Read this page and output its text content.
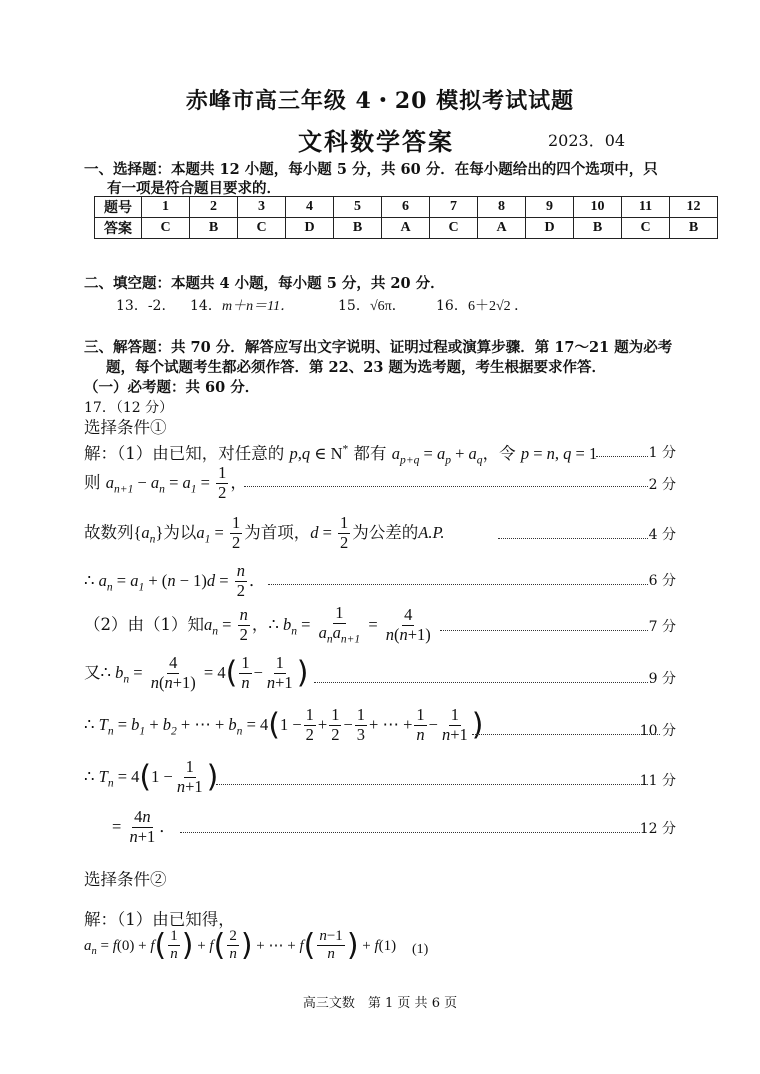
赤峰市高三年级 4・20 模拟考试试题
文科数学答案	2023．04
一、选择题：本题共 12 小题，每小题 5 分，共 60 分．在每小题给出的四个选项中，只
有一项是符合题目要求的．
题号	1	2	3	4	5	6	7	8	9	10	11	12
答案	C	B	C	D	B	A	C	A	D	B	C	B
二、填空题：本题共 4 小题，每小题 5 分，共 20 分．
13．-2. 14． m＋n＝11．	15． √6π． 16． 6＋2√2 ．
三、解答题：共 70 分．解答应写出文字说明、证明过程或演算步骤．第 17～21 题为必考
题，每个试题考生都必须作答．第 22、23 题为选考题，考生根据要求作答．
（一）必考题：共 60 分．
17．（12 分）
选择条件①
解：（1）由已知，对任意的 p,q ∈ N* 都有 $a_{p+q} = a_p + a_q$，令 p = n, q = 1	1 分
则 $a_{n+1} - a_n = a_1 = \frac{1}{2}$ ，	2 分
故数列$\{a_n\}$为以$a_1 = \frac{1}{2}$ 为首项，$d = \frac{1}{2}$ 为公差的A.P.	4 分
∴ $a_n = a_1 + (n - 1)d = \frac{n}{2}$ ．	6 分
（2）由（1）知$a_n = \frac{n}{2}$ ，∴ $b_n = \frac{1}{a_na_{n+1}} = \frac{4}{n(n+1)}$	7 分
又∴ $b_n = \frac{4}{n(n+1)} = 4( \frac{1}{n} - \frac{1}{n+1}$ )	9 分
∴ $T_n = b_1 + b_2$ + ⋯ + $b_n = 4(1 - \frac{1}{2} + \frac{1}{2} - \frac{1}{3}$ + ⋯ + $\frac{1}{n} - \frac{1}{n+1}$ )	10 分
∴ $T_n = 4(1 - \frac{1}{n+1}$ )	11 分
= $\frac{4n}{n+1}$ ．	12 分
选择条件②
解：（1）由已知得，
$a_n = f(0) + f( \frac{1}{n}$ ) + $f( \frac{2}{n}$ ) + ⋯ + $f( \frac{n-1}{n}$ ) + f(1) (1)
高三文数　第 1 页 共 6 页
